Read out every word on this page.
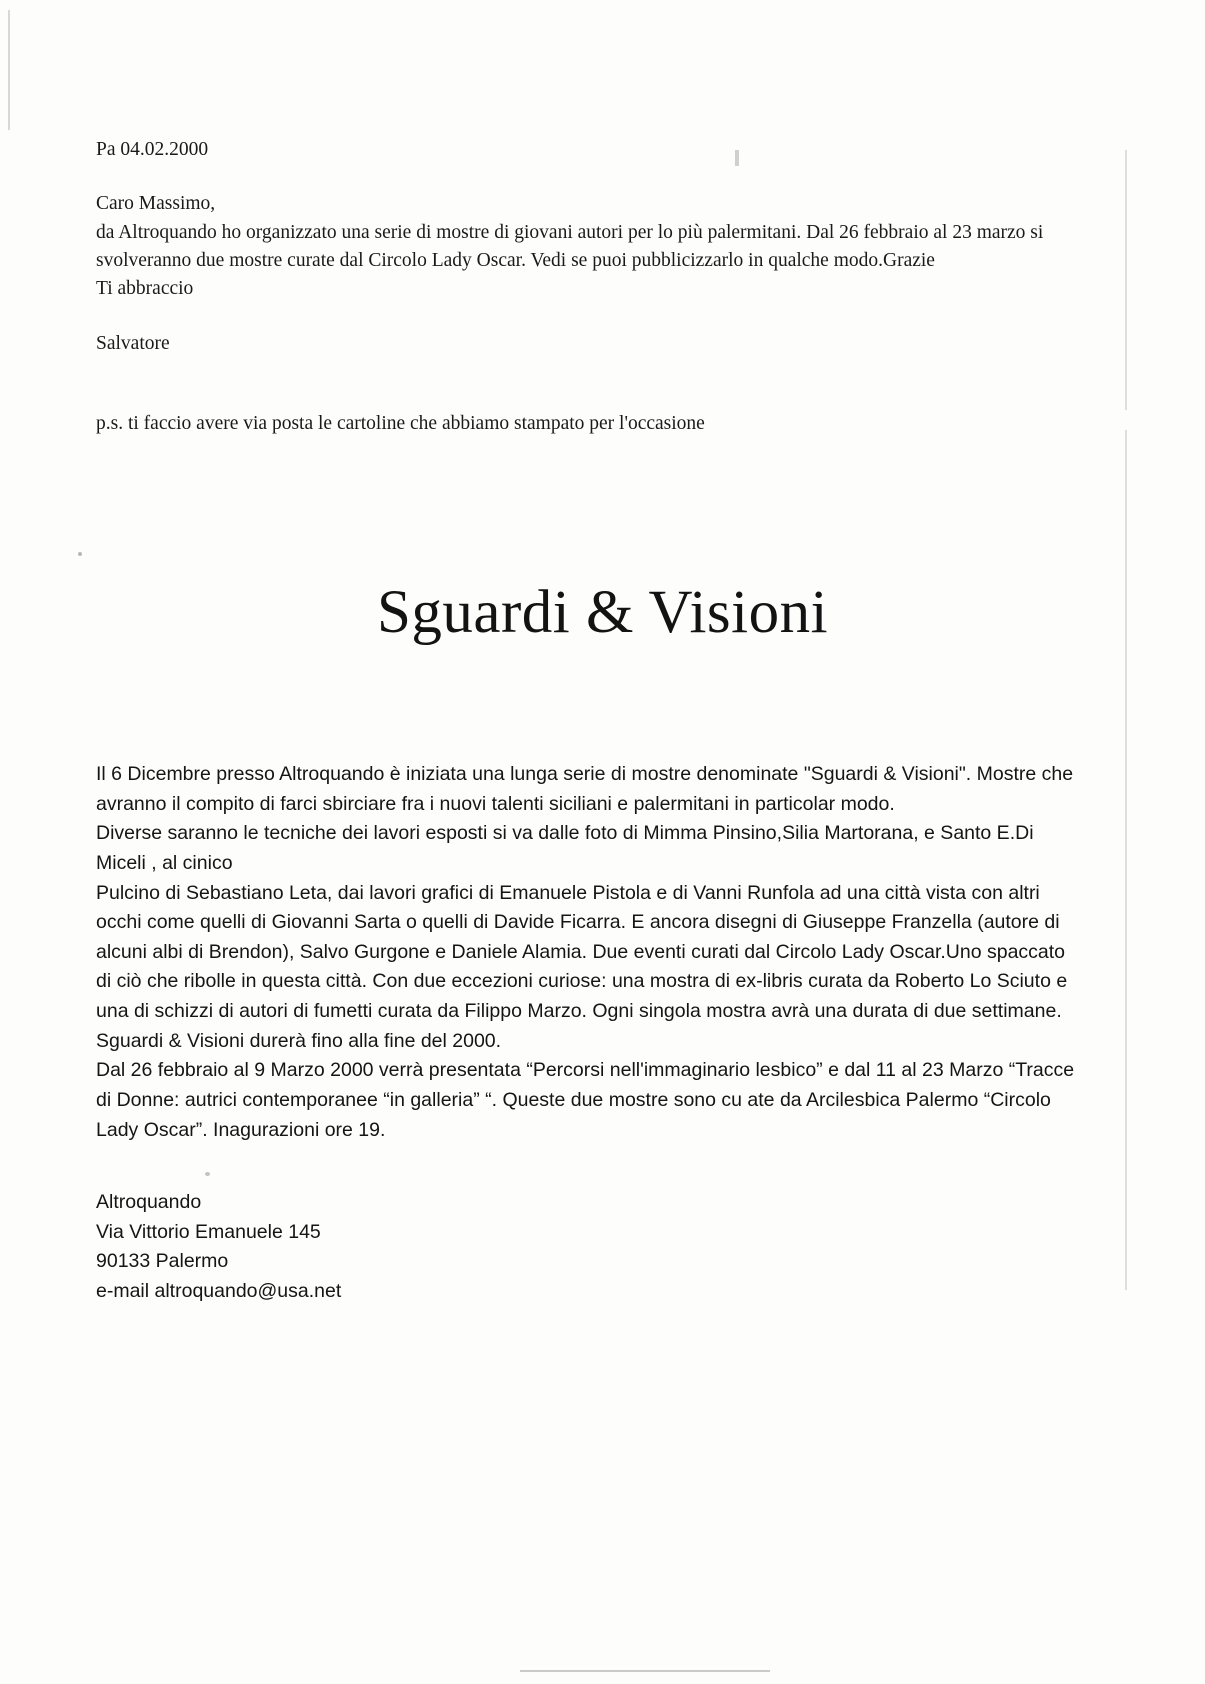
Pa 04.02.2000

Caro Massimo,

da Altroquando ho organizzato una serie di mostre di giovani autori per lo più palermitani. Dal 26 febbraio al 23 marzo si svolveranno due mostre curate dal Circolo Lady Oscar. Vedi se puoi pubblicizzarlo in qualche modo.Grazie

Ti abbraccio

Salvatore

p.s. ti faccio avere via posta le cartoline che abbiamo stampato per l'occasione

Sguardi & Visioni

Il 6 Dicembre presso Altroquando è iniziata una lunga serie di mostre denominate "Sguardi & Visioni". Mostre che avranno il compito di farci sbirciare fra i nuovi talenti siciliani e palermitani in particolar modo.

Diverse saranno le tecniche dei lavori esposti si va dalle foto di Mimma Pinsino,Silia Martorana, e Santo E.Di Miceli , al cinico

Pulcino di Sebastiano Leta, dai lavori grafici di Emanuele Pistola e di Vanni Runfola ad una città vista con altri occhi come quelli di Giovanni Sarta o quelli di Davide Ficarra. E ancora disegni di Giuseppe Franzella (autore di alcuni albi di Brendon), Salvo Gurgone e Daniele Alamia. Due eventi curati dal Circolo Lady Oscar.Uno spaccato di ciò che ribolle in questa città. Con due eccezioni curiose: una mostra di ex-libris curata da Roberto Lo Sciuto e una di schizzi di autori di fumetti curata da Filippo Marzo. Ogni singola mostra avrà una durata di due settimane. Sguardi & Visioni durerà fino alla fine del 2000.

Dal 26 febbraio al 9 Marzo 2000 verrà presentata “Percorsi nell'immaginario lesbico” e dal 11 al 23 Marzo “Tracce di Donne: autrici contemporanee “in galleria” “. Queste due mostre sono cu ate da Arcilesbica Palermo “Circolo Lady Oscar”. Inagurazioni ore 19.

Altroquando
Via Vittorio Emanuele 145
90133 Palermo
e-mail altroquando@usa.net
